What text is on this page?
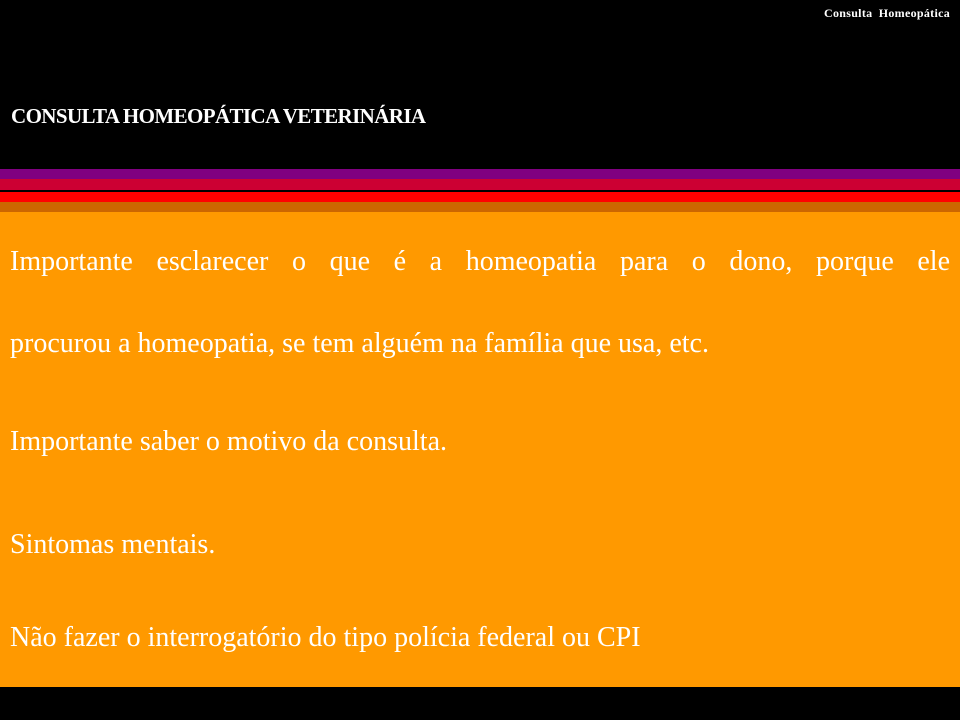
Consulta Homeopática
CONSULTA HOMEOPÁTICA VETERINÁRIA
Importante esclarecer o que é a homeopatia para o dono, porque ele
procurou a homeopatia, se tem alguém na família que usa, etc.

Importante saber o motivo da consulta.

Sintomas mentais.

Não fazer o interrogatório do tipo polícia federal ou CPI
